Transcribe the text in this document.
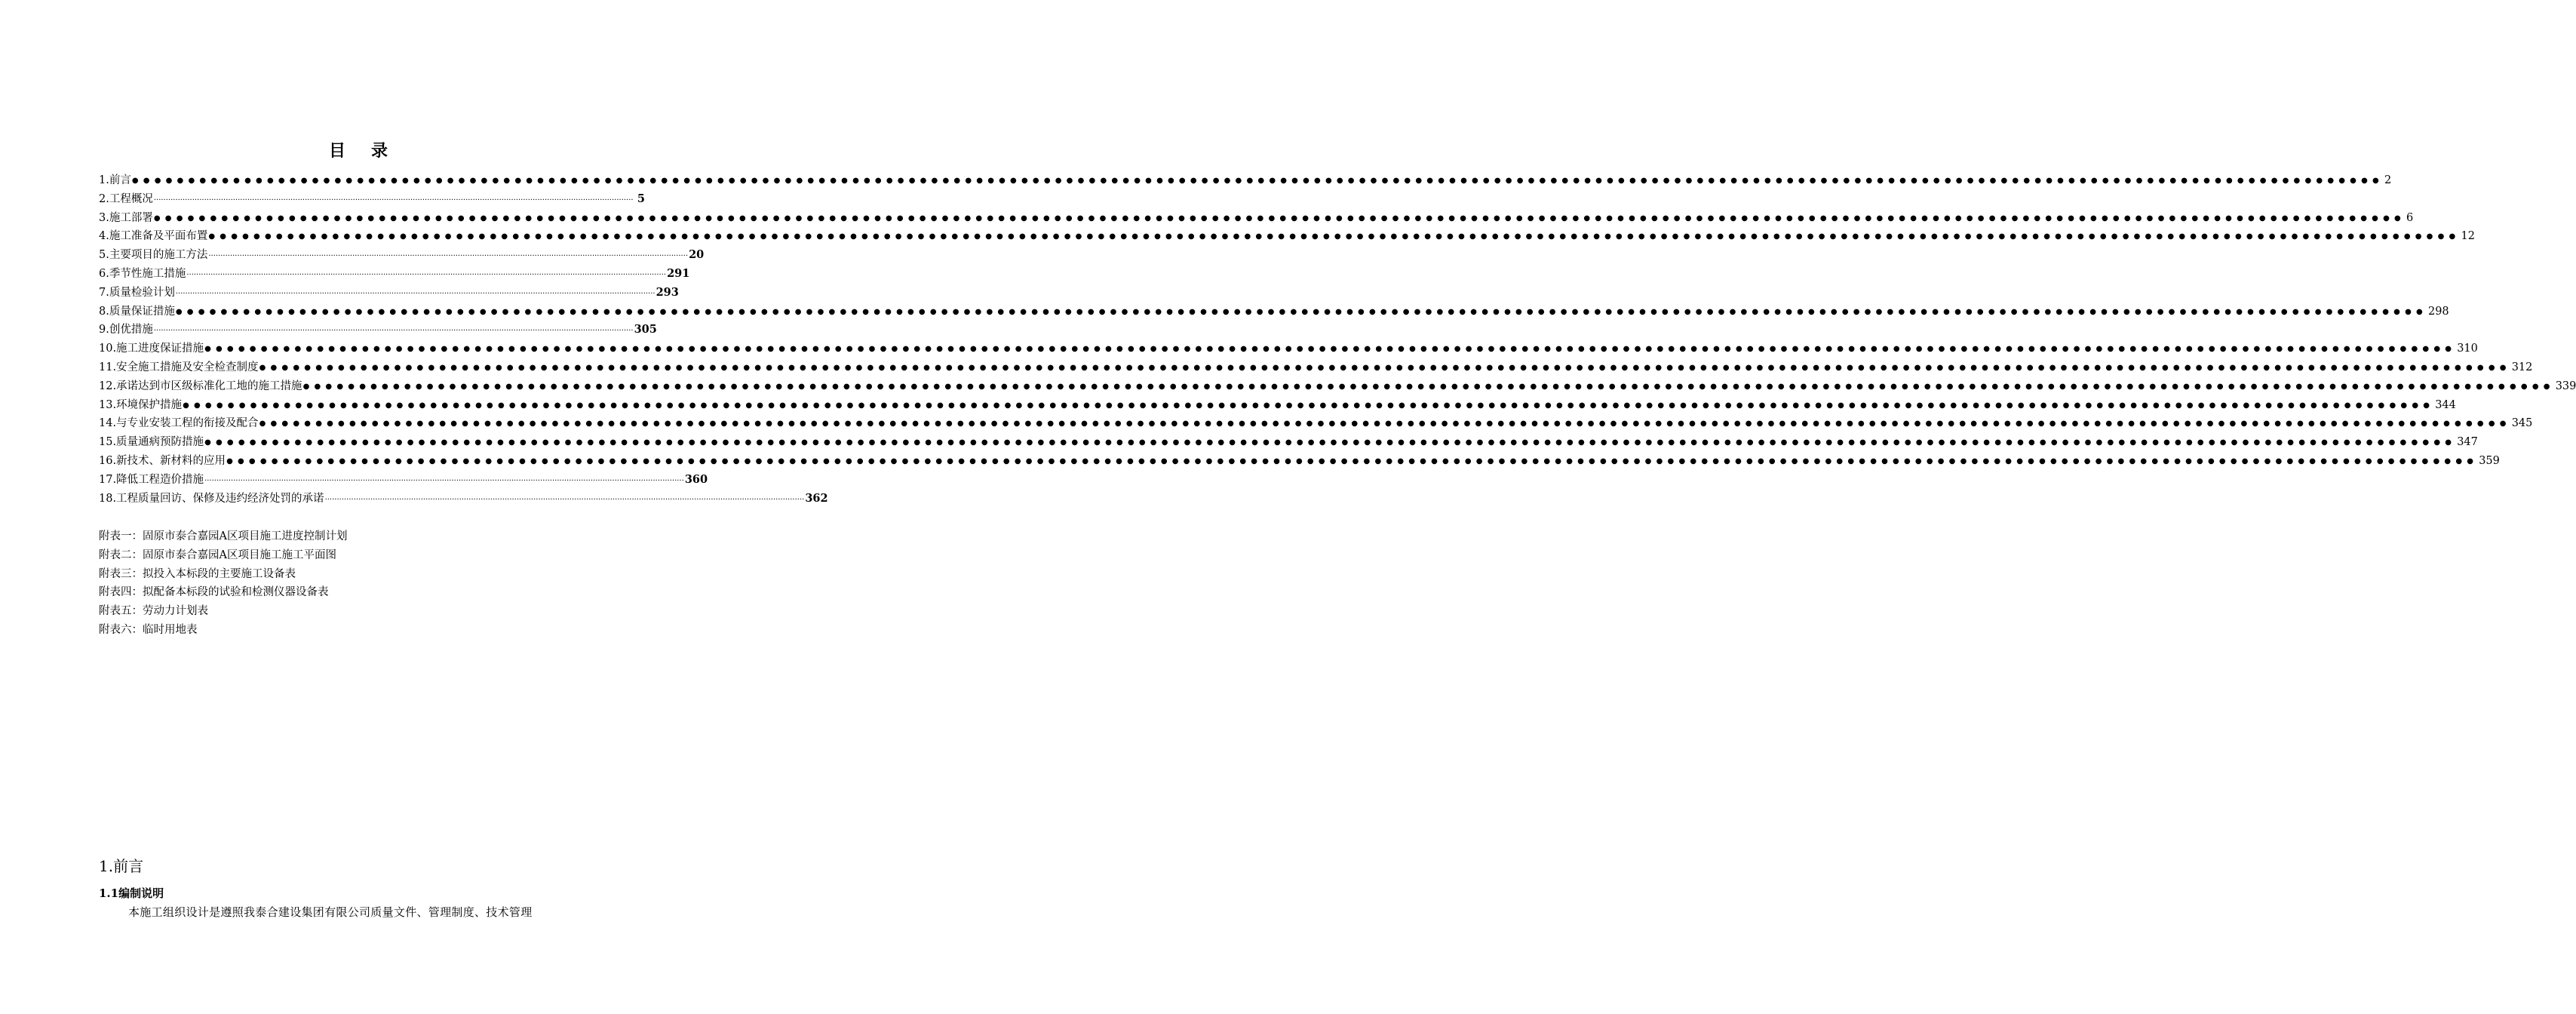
目录
1.前言 ●●●●●●●●●●●●●●●●●●●●●●●●●●●●●●●●●●●●●●●●●●●●●●●●●●●●●●●●●●●●●●●●●●●●●●●●●●●●●●●●●●●●●●●●●●●●●●●●●●●●●●●●●●●●●●●●●●●●●●●●●●●●●●●●●●●●●●●●●●●●●●●●●●●●●●●●●●●●●●●●●●●●●●●●●●●●●●●●●●●●●●●●●●●●●●●●●●●●●●●● 2
2.工程概况 ········································································································································································································ 5
3.施工部署 ●●●●●●●●●●●●●●●●●●●●●●●●●●●●●●●●●●●●●●●●●●●●●●●●●●●●●●●●●●●●●●●●●●●●●●●●●●●●●●●●●●●●●●●●●●●●●●●●●●●●●●●●●●●●●●●●●●●●●●●●●●●●●●●●●●●●●●●●●●●●●●●●●●●●●●●●●●●●●●●●●●●●●●●●●●●●●●●●●●●●●●●●●●●●●●●●●●●●●●●● 6
4.施工准备及平面布置 ●●●●●●●●●●●●●●●●●●●●●●●●●●●●●●●●●●●●●●●●●●●●●●●●●●●●●●●●●●●●●●●●●●●●●●●●●●●●●●●●●●●●●●●●●●●●●●●●●●●●●●●●●●●●●●●●●●●●●●●●●●●●●●●●●●●●●●●●●●●●●●●●●●●●●●●●●●●●●●●●●●●●●●●●●●●●●●●●●●●●●●●●●●●●●●●●●●●●●●●● 12
5.主要项目的施工方法 ········································································································································································································ 20
6.季节性施工措施 ········································································································································································································ 291
7.质量检验计划 ········································································································································································································ 293
8.质量保证措施 ●●●●●●●●●●●●●●●●●●●●●●●●●●●●●●●●●●●●●●●●●●●●●●●●●●●●●●●●●●●●●●●●●●●●●●●●●●●●●●●●●●●●●●●●●●●●●●●●●●●●●●●●●●●●●●●●●●●●●●●●●●●●●●●●●●●●●●●●●●●●●●●●●●●●●●●●●●●●●●●●●●●●●●●●●●●●●●●●●●●●●●●●●●●●●●●●●●●●●●●● 298
9.创优措施 ········································································································································································································ 305
10.施工进度保证措施 ●●●●●●●●●●●●●●●●●●●●●●●●●●●●●●●●●●●●●●●●●●●●●●●●●●●●●●●●●●●●●●●●●●●●●●●●●●●●●●●●●●●●●●●●●●●●●●●●●●●●●●●●●●●●●●●●●●●●●●●●●●●●●●●●●●●●●●●●●●●●●●●●●●●●●●●●●●●●●●●●●●●●●●●●●●●●●●●●●●●●●●●●●●●●●●●●●●●●●●●● 310
11.安全施工措施及安全检查制度 ●●●●●●●●●●●●●●●●●●●●●●●●●●●●●●●●●●●●●●●●●●●●●●●●●●●●●●●●●●●●●●●●●●●●●●●●●●●●●●●●●●●●●●●●●●●●●●●●●●●●●●●●●●●●●●●●●●●●●●●●●●●●●●●●●●●●●●●●●●●●●●●●●●●●●●●●●●●●●●●●●●●●●●●●●●●●●●●●●●●●●●●●●●●●●●●●●●●●●●●● 312
12.承诺达到市区级标准化工地的施工措施 ●●●●●●●●●●●●●●●●●●●●●●●●●●●●●●●●●●●●●●●●●●●●●●●●●●●●●●●●●●●●●●●●●●●●●●●●●●●●●●●●●●●●●●●●●●●●●●●●●●●●●●●●●●●●●●●●●●●●●●●●●●●●●●●●●●●●●●●●●●●●●●●●●●●●●●●●●●●●●●●●●●●●●●●●●●●●●●●●●●●●●●●●●●●●●●●●●●●●●●●● 339
13.环境保护措施 ●●●●●●●●●●●●●●●●●●●●●●●●●●●●●●●●●●●●●●●●●●●●●●●●●●●●●●●●●●●●●●●●●●●●●●●●●●●●●●●●●●●●●●●●●●●●●●●●●●●●●●●●●●●●●●●●●●●●●●●●●●●●●●●●●●●●●●●●●●●●●●●●●●●●●●●●●●●●●●●●●●●●●●●●●●●●●●●●●●●●●●●●●●●●●●●●●●●●●●●● 344
14.与专业安装工程的衔接及配合 ●●●●●●●●●●●●●●●●●●●●●●●●●●●●●●●●●●●●●●●●●●●●●●●●●●●●●●●●●●●●●●●●●●●●●●●●●●●●●●●●●●●●●●●●●●●●●●●●●●●●●●●●●●●●●●●●●●●●●●●●●●●●●●●●●●●●●●●●●●●●●●●●●●●●●●●●●●●●●●●●●●●●●●●●●●●●●●●●●●●●●●●●●●●●●●●●●●●●●●●● 345
15.质量通病预防措施 ●●●●●●●●●●●●●●●●●●●●●●●●●●●●●●●●●●●●●●●●●●●●●●●●●●●●●●●●●●●●●●●●●●●●●●●●●●●●●●●●●●●●●●●●●●●●●●●●●●●●●●●●●●●●●●●●●●●●●●●●●●●●●●●●●●●●●●●●●●●●●●●●●●●●●●●●●●●●●●●●●●●●●●●●●●●●●●●●●●●●●●●●●●●●●●●●●●●●●●●● 347
16.新技术、新材料的应用 ●●●●●●●●●●●●●●●●●●●●●●●●●●●●●●●●●●●●●●●●●●●●●●●●●●●●●●●●●●●●●●●●●●●●●●●●●●●●●●●●●●●●●●●●●●●●●●●●●●●●●●●●●●●●●●●●●●●●●●●●●●●●●●●●●●●●●●●●●●●●●●●●●●●●●●●●●●●●●●●●●●●●●●●●●●●●●●●●●●●●●●●●●●●●●●●●●●●●●●●● 359
17.降低工程造价措施 ········································································································································································································ 360
18.工程质量回访、保修及违约经济处罚的承诺 ········································································································································································································ 362
附表一：固原市泰合嘉园A区项目施工进度控制计划
附表二：固原市泰合嘉园A区项目施工施工平面图
附表三：拟投入本标段的主要施工设备表
附表四：拟配备本标段的试验和检测仪器设备表
附表五：劳动力计划表
附表六：临时用地表
1.前言
1.1编制说明

本施工组织设计是遵照我泰合建设集团有限公司质量文件、管理制度、技术管理
